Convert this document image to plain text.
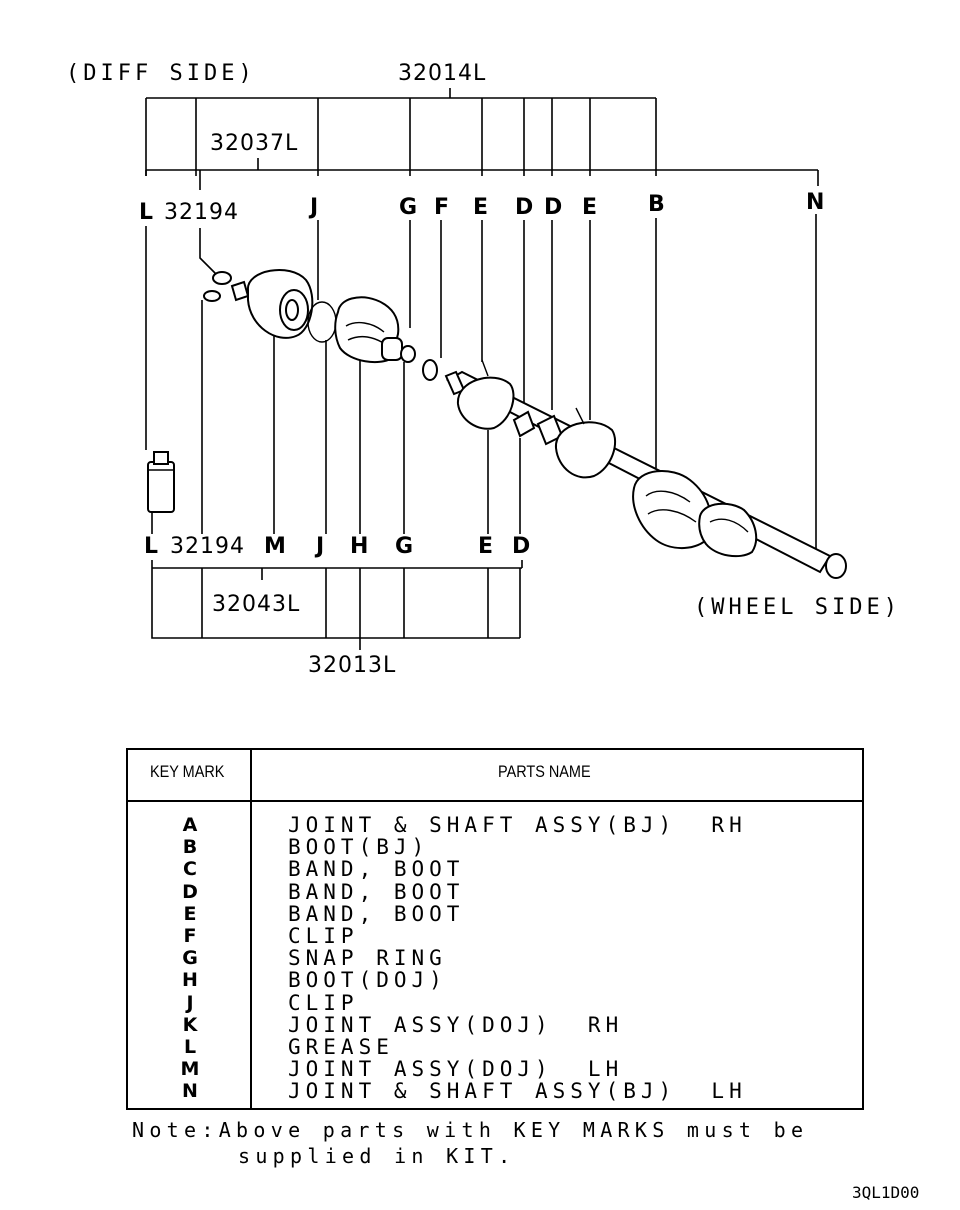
(DIFF SIDE)
(WHEEL SIDE)
32014L
32037L
32194
32194
32043L
32013L
L	J	G F E D D E B	N
L	M J H G	E D
KEY MARK	PARTS NAME
A	JOINT & SHAFT ASSY(BJ)  RH
B	BOOT(BJ)
C	BAND, BOOT
D	BAND, BOOT
E	BAND, BOOT
F	CLIP
G	SNAP RING
H	BOOT(DOJ)
J	CLIP
K	JOINT ASSY(DOJ)  RH
L	GREASE
M	JOINT ASSY(DOJ)  LH
N	JOINT & SHAFT ASSY(BJ)  LH
Note:Above parts with KEY MARKS must be
supplied in KIT.
3QL1D00
